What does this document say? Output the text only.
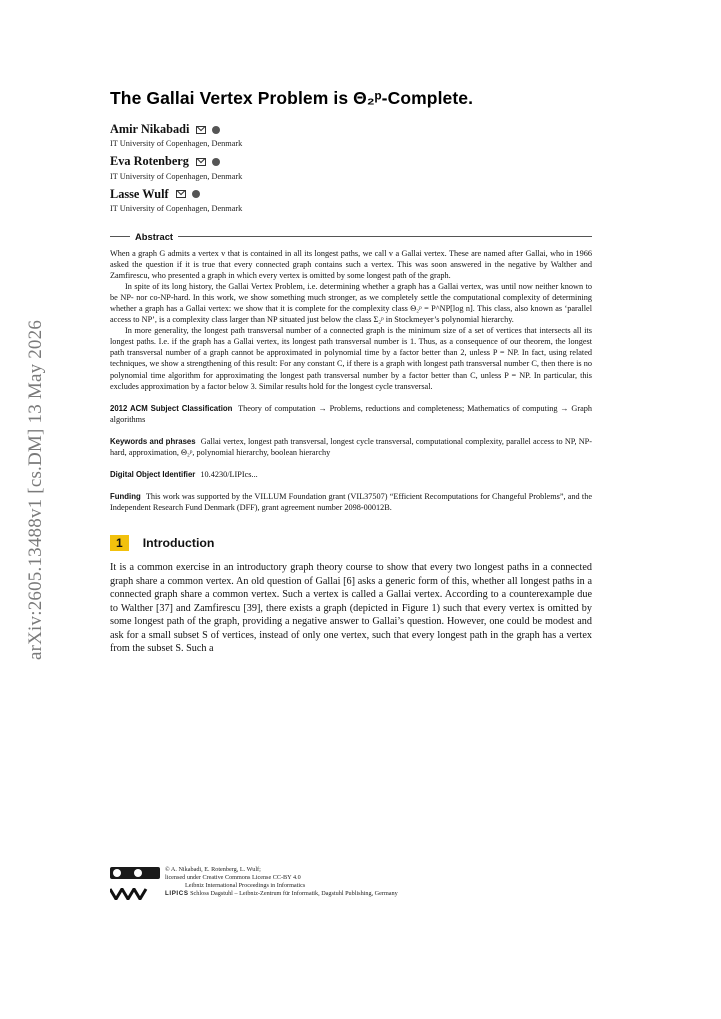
arXiv:2605.13488v1 [cs.DM] 13 May 2026
The Gallai Vertex Problem is Θ₂ᵖ-Complete.
Amir Nikabadi
IT University of Copenhagen, Denmark
Eva Rotenberg
IT University of Copenhagen, Denmark
Lasse Wulf
IT University of Copenhagen, Denmark
Abstract

When a graph G admits a vertex v that is contained in all its longest paths, we call v a Gallai vertex. These are named after Gallai, who in 1966 asked the question if it is true that every connected graph contains such a vertex. This was soon answered in the negative by Walther and Zamfirescu, who presented a graph in which every vertex is omitted by some longest path of the graph.

In spite of its long history, the Gallai Vertex Problem, i.e. determining whether a graph has a Gallai vertex, was until now neither known to be NP- nor co-NP-hard. In this work, we show something much stronger, as we completely settle the computational complexity of determining whether a graph has a Gallai vertex: we show that it is complete for the complexity class Θ₂ᵖ = P^NP[log n]. This class, also known as ‘parallel access to NP’, is a complexity class larger than NP situated just below the class Σ₂ᵖ in Stockmeyer’s polynomial hierarchy.

In more generality, the longest path transversal number of a connected graph is the minimum size of a set of vertices that intersects all its longest paths. I.e. if the graph has a Gallai vertex, its longest path transversal number is 1. Thus, as a consequence of our theorem, the longest path transversal number of a graph cannot be approximated in polynomial time by a factor better than 2, unless P = NP. In fact, using related techniques, we show a strengthening of this result: For any constant C, if there is a graph with longest path transversal number C, then there is no polynomial time algorithm for approximating the longest path transversal number by a factor better than C, unless P = NP. In particular, this excludes approximation by a factor below 3. Similar results hold for the longest cycle transversal.

2012 ACM Subject Classification Theory of computation → Problems, reductions and completeness; Mathematics of computing → Graph algorithms
Keywords and phrases Gallai vertex, longest path transversal, longest cycle transversal, computational complexity, parallel access to NP, NP-hard, approximation, Θ₂ᵖ, polynomial hierarchy, boolean hierarchy
Digital Object Identifier 10.4230/LIPIcs...
Funding This work was supported by the VILLUM Foundation grant (VIL37507) “Efficient Recomputations for Changeful Problems”, and the Independent Research Fund Denmark (DFF), grant agreement number 2098-00012B.
1	Introduction
It is a common exercise in an introductory graph theory course to show that every two longest paths in a connected graph share a common vertex. An old question of Gallai [6] asks a generic form of this, whether all longest paths in a connected graph share a common vertex. Such a vertex is called a Gallai vertex. According to a counterexample due to Walther [37] and Zamfirescu [39], there exists a graph (depicted in Figure 1) such that every vertex is omitted by some longest path of the graph, providing a negative answer to Gallai’s question. However, one could be modest and ask for a small subset S of vertices, instead of only one vertex, such that every longest path in the graph has a vertex from the subset S. Such a
© A. Nikabadi, E. Rotenberg, L. Wulf;
licensed under Creative Commons License CC-BY 4.0
Leibniz International Proceedings in Informatics
LIPICS Schloss Dagstuhl – Leibniz-Zentrum für Informatik, Dagstuhl Publishing, Germany
